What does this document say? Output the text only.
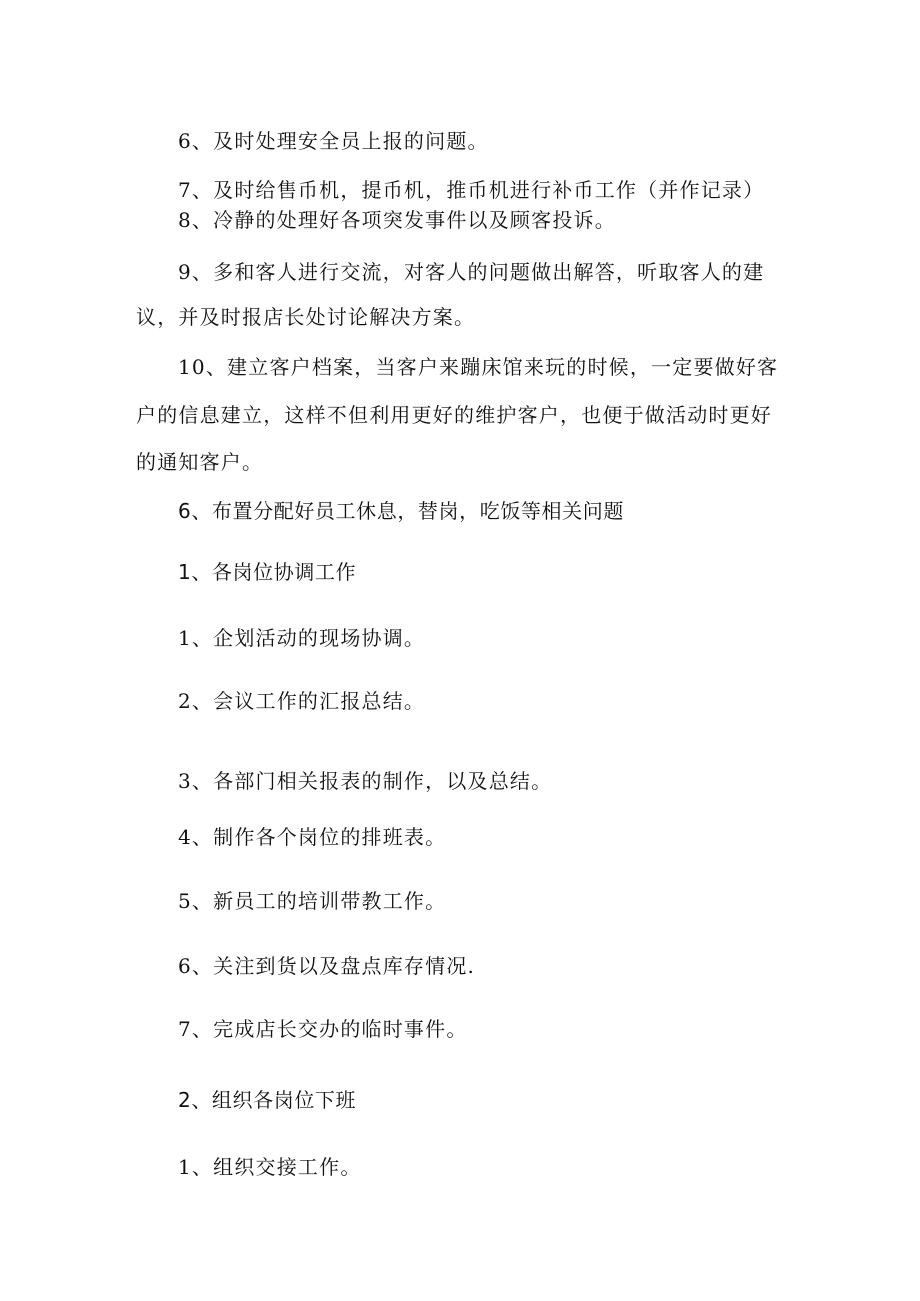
6、及时处理安全员上报的问题。
7、及时给售币机，提币机，推币机进行补币工作（并作记录）
8、冷静的处理好各项突发事件以及顾客投诉。
9、多和客人进行交流，对客人的问题做出解答，听取客人的建
议，并及时报店长处讨论解决方案。
10、建立客户档案，当客户来蹦床馆来玩的时候，一定要做好客
户的信息建立，这样不但利用更好的维护客户，也便于做活动时更好
的通知客户。
6、布置分配好员工休息，替岗，吃饭等相关问题
1、各岗位协调工作
1、企划活动的现场协调。
2、会议工作的汇报总结。
3、各部门相关报表的制作，以及总结。
4、制作各个岗位的排班表。
5、新员工的培训带教工作。
6、关注到货以及盘点库存情况.
7、完成店长交办的临时事件。
2、组织各岗位下班
1、组织交接工作。
